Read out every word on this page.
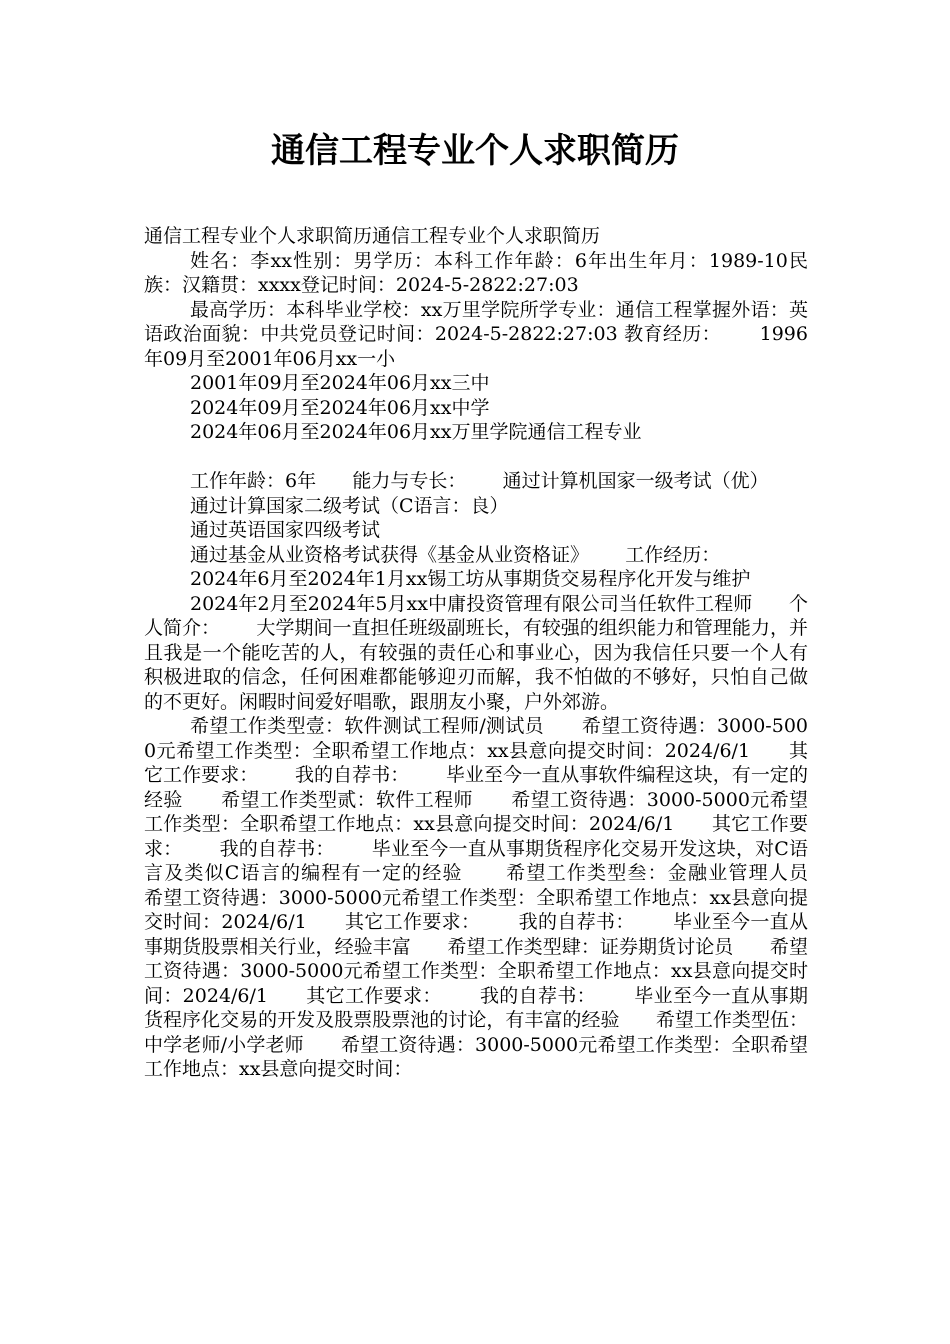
通信工程专业个人求职简历

通信工程专业个人求职简历通信工程专业个人求职简历

姓名：李xx性别：男学历：本科工作年龄：6年出生年月：1989-10民族：汉籍贯：xxxx登记时间：2024-5-2822:27:03

最高学历：本科毕业学校：xx万里学院所学专业：通信工程掌握外语：英语政治面貌：中共党员登记时间：2024-5-2822:27:03 教育经历：      1996年09月至2001年06月xx一小

2001年09月至2024年06月xx三中

2024年09月至2024年06月xx中学

2024年06月至2024年06月xx万里学院通信工程专业

工作年龄：6年      能力与专长：      通过计算机国家一级考试（优）

通过计算国家二级考试（C语言：良）

通过英语国家四级考试

通过基金从业资格考试获得《基金从业资格证》      工作经历：

2024年6月至2024年1月xx锡工坊从事期货交易程序化开发与维护

2024年2月至2024年5月xx中庸投资管理有限公司当任软件工程师      个人简介：      大学期间一直担任班级副班长，有较强的组织能力和管理能力，并且我是一个能吃苦的人，有较强的责任心和事业心，因为我信任只要一个人有积极进取的信念，任何困难都能够迎刃而解，我不怕做的不够好，只怕自己做的不更好。闲暇时间爱好唱歌，跟朋友小聚，户外郊游。

希望工作类型壹：软件测试工程师/测试员      希望工资待遇：3000-5000元希望工作类型：全职希望工作地点：xx县意向提交时间：2024/6/1      其它工作要求：      我的自荐书：      毕业至今一直从事软件编程这块，有一定的经验      希望工作类型贰：软件工程师      希望工资待遇：3000-5000元希望工作类型：全职希望工作地点：xx县意向提交时间：2024/6/1      其它工作要求：      我的自荐书：      毕业至今一直从事期货程序化交易开发这块，对C语言及类似C语言的编程有一定的经验      希望工作类型叁：金融业管理人员      希望工资待遇：3000-5000元希望工作类型：全职希望工作地点：xx县意向提交时间：2024/6/1      其它工作要求：      我的自荐书：      毕业至今一直从事期货股票相关行业，经验丰富      希望工作类型肆：证券期货讨论员      希望工资待遇：3000-5000元希望工作类型：全职希望工作地点：xx县意向提交时间：2024/6/1      其它工作要求：      我的自荐书：      毕业至今一直从事期货程序化交易的开发及股票股票池的讨论，有丰富的经验      希望工作类型伍：中学老师/小学老师      希望工资待遇：3000-5000元希望工作类型：全职希望工作地点：xx县意向提交时间：
